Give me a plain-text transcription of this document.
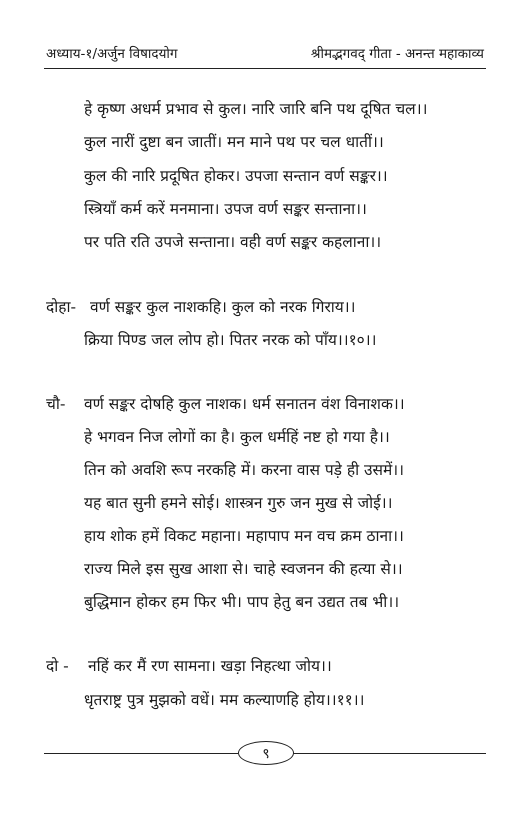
अध्याय-१/अर्जुन विषादयोग	श्रीमद्भगवद् गीता - अनन्त महाकाव्य
हे कृष्ण अधर्म प्रभाव से कुल। नारि जारि बनि पथ दूषित चल।।
कुल नारीं दुष्टा बन जातीं। मन माने पथ पर चल धातीं।।
कुल की नारि प्रदूषित होकर। उपजा सन्तान वर्ण सङ्कर।।
स्त्रियाँ कर्म करें मनमाना। उपज वर्ण सङ्कर सन्ताना।।
पर पति रति उपजे सन्ताना। वही वर्ण सङ्कर कहलाना।।
दोहा- वर्ण सङ्कर कुल नाशकहि। कुल को नरक गिराय।।
क्रिया पिण्ड जल लोप हो। पितर नरक को पाँय।।१०।।
चौ- वर्ण सङ्कर दोषहि कुल नाशक। धर्म सनातन वंश विनाशक।।
हे भगवन निज लोगों का है। कुल धर्महिं नष्ट हो गया है।।
तिन को अवशि रूप नरकहि में। करना वास पड़े ही उसमें।।
यह बात सुनी हमने सोई। शास्त्रन गुरु जन मुख से जोई।।
हाय शोक हमें विकट महाना। महापाप मन वच क्रम ठाना।।
राज्य मिले इस सुख आशा से। चाहे स्वजनन की हत्या से।।
बुद्धिमान होकर हम फिर भी। पाप हेतु बन उद्यत तब भी।।
दो - नहिं कर मैं रण सामना। खड़ा निहत्था जोय।।
धृतराष्ट्र पुत्र मुझको वधें। मम कल्याणहि होय।।११।।
९
